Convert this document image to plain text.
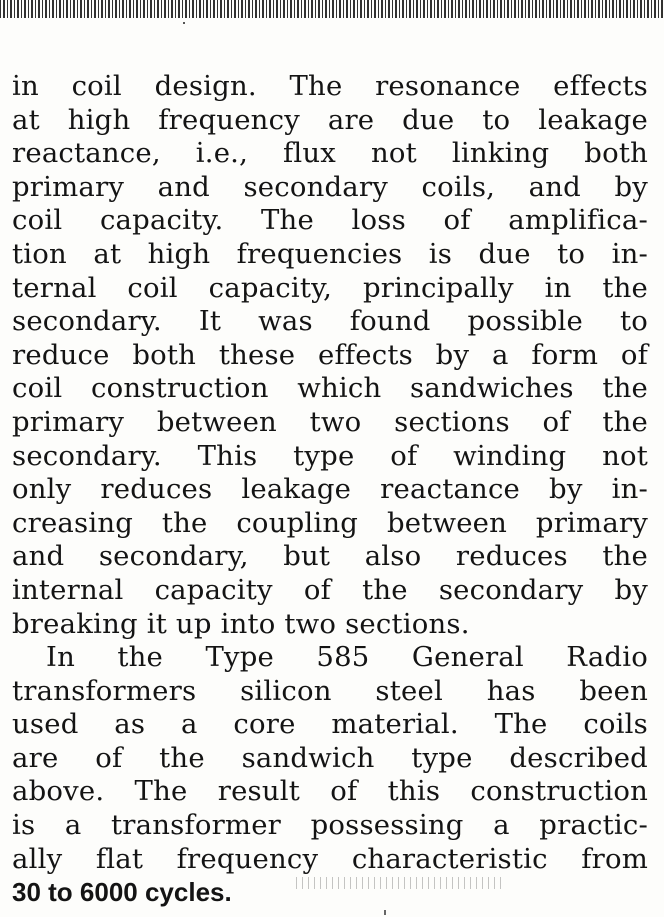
in coil design. The resonance effects
at high frequency are due to leakage
reactance, i.e., flux not linking both
primary and secondary coils, and by
coil capacity. The loss of amplifica-
tion at high frequencies is due to in-
ternal coil capacity, principally in the
secondary. It was found possible to
reduce both these effects by a form of
coil construction which sandwiches the
primary between two sections of the
secondary. This type of winding not
only reduces leakage reactance by in-
creasing the coupling between primary
and secondary, but also reduces the
internal capacity of the secondary by
breaking it up into two sections.
In the Type 585 General Radio
transformers silicon steel has been
used as a core material. The coils
are of the sandwich type described
above. The result of this construction
is a transformer possessing a practic-
ally flat frequency characteristic from
30 to 6000 cycles.
